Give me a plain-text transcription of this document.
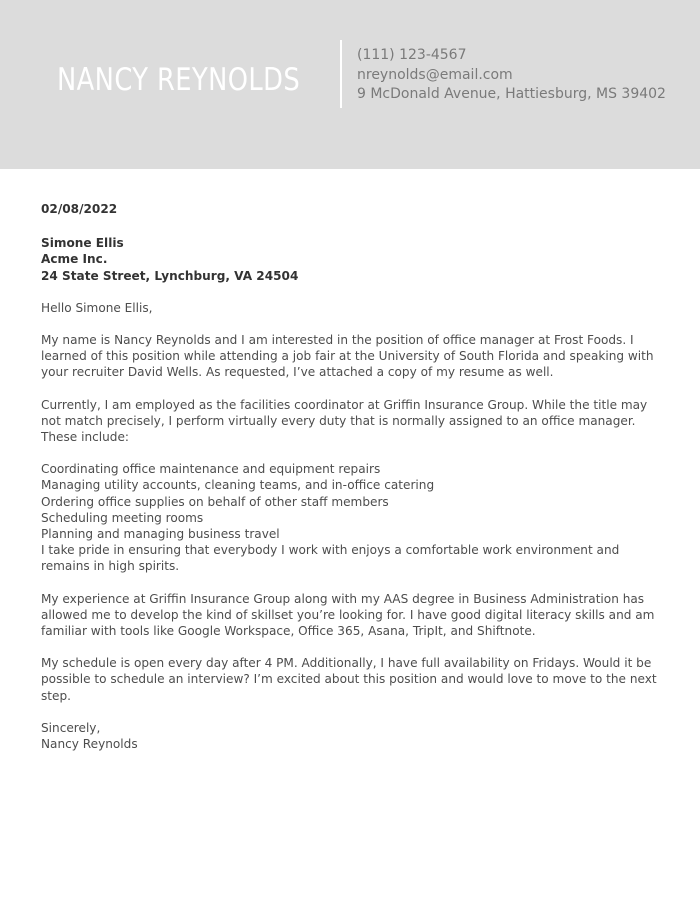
NANCY REYNOLDS
(111) 123-4567
nreynolds@email.com
9 McDonald Avenue, Hattiesburg, MS 39402

02/08/2022

Simone Ellis
Acme Inc.
24 State Street, Lynchburg, VA 24504

Hello Simone Ellis,

My name is Nancy Reynolds and I am interested in the position of office manager at Frost Foods. I learned of this position while attending a job fair at the University of South Florida and speaking with your recruiter David Wells. As requested, I’ve attached a copy of my resume as well.

Currently, I am employed as the facilities coordinator at Griffin Insurance Group. While the title may not match precisely, I perform virtually every duty that is normally assigned to an office manager. These include:

Coordinating office maintenance and equipment repairs
Managing utility accounts, cleaning teams, and in-office catering
Ordering office supplies on behalf of other staff members
Scheduling meeting rooms
Planning and managing business travel
I take pride in ensuring that everybody I work with enjoys a comfortable work environment and remains in high spirits.

My experience at Griffin Insurance Group along with my AAS degree in Business Administration has allowed me to develop the kind of skillset you’re looking for. I have good digital literacy skills and am familiar with tools like Google Workspace, Office 365, Asana, TripIt, and Shiftnote.

My schedule is open every day after 4 PM. Additionally, I have full availability on Fridays. Would it be possible to schedule an interview? I’m excited about this position and would love to move to the next step.

Sincerely,
Nancy Reynolds
